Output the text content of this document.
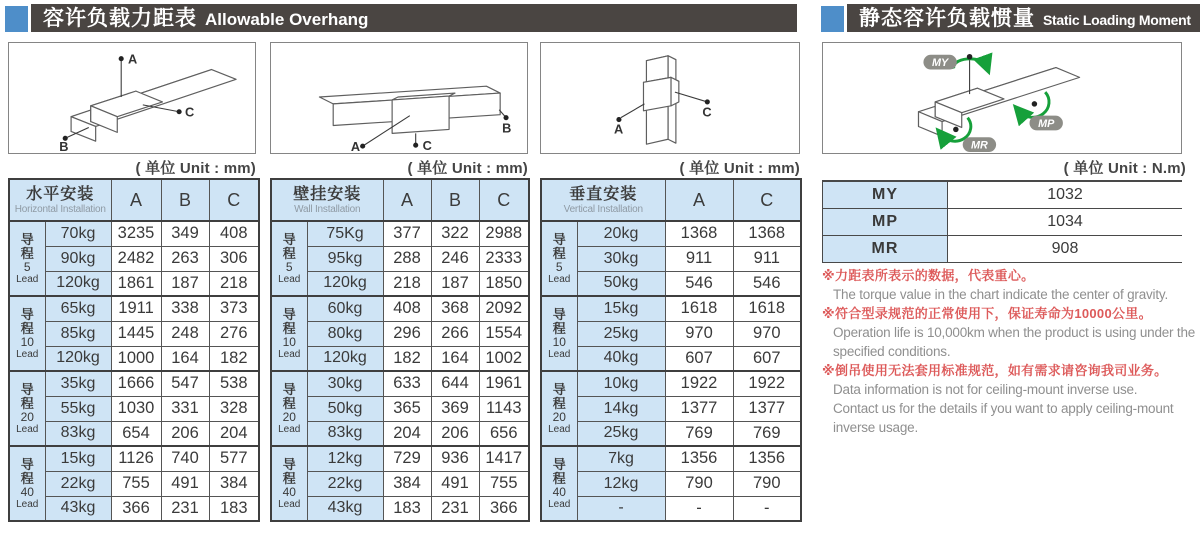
容许负载力距表 Allowable Overhang	静态容许负载惯量 Static Loading Moment
A
B
C
A	C
B	A
C
MY
MP
MR
( 单位 Unit : mm)	( 单位 Unit : mm)	( 单位 Unit : mm)	( 单位 Unit : N.m)
水平安装
Horizontal Installation		A	B	C

导
程
5
Lead	70kg	3235	349	408
	90kg	2482	263	306
	120kg	1861	187	218

导
程
10
Lead	65kg	1911	338	373
	85kg	1445	248	276
	120kg	1000	164	182

导
程
20
Lead	35kg	1666	547	538
	55kg	1030	331	328
	83kg	654	206	204

导
程
40
Lead	15kg	1126	740	577
	22kg	755	491	384
	43kg	366	231	183
壁挂安装
Wall Installation		A	B	C

导
程
5
Lead	75Kg	377	322	2988
	95kg	288	246	2333
	120kg	218	187	1850

导
程
10
Lead	60kg	408	368	2092
	80kg	296	266	1554
	120kg	182	164	1002

导
程
20
Lead	30kg	633	644	1961
	50kg	365	369	1143
	83kg	204	206	656

导
程
40
Lead	12kg	729	936	1417
	22kg	384	491	755
	43kg	183	231	366
垂直安装
Vertical Installation		A	C

导
程
5
Lead	20kg	1368	1368
	30kg	911	911
	50kg	546	546

导
程
10
Lead	15kg	1618	1618
	25kg	970	970
	40kg	607	607

导
程
20
Lead	10kg	1922	1922
	14kg	1377	1377
	25kg	769	769

导
程
40
Lead	7kg	1356	1356
	12kg	790	790
	-	-	-
MY	1032
MP	1034
MR	908
※力距表所表示的数据，代表重心。
The torque value in the chart indicate the center of gravity.
※符合型录规范的正常使用下，保证寿命为10000公里。
Operation life is 10,000km when the product is using under the
specified conditions.
※倒吊使用无法套用标准规范，如有需求请咨询我司业务。
Data information is not for ceiling-mount inverse use.
Contact us for the details if you want to apply ceiling-mount
inverse usage.
